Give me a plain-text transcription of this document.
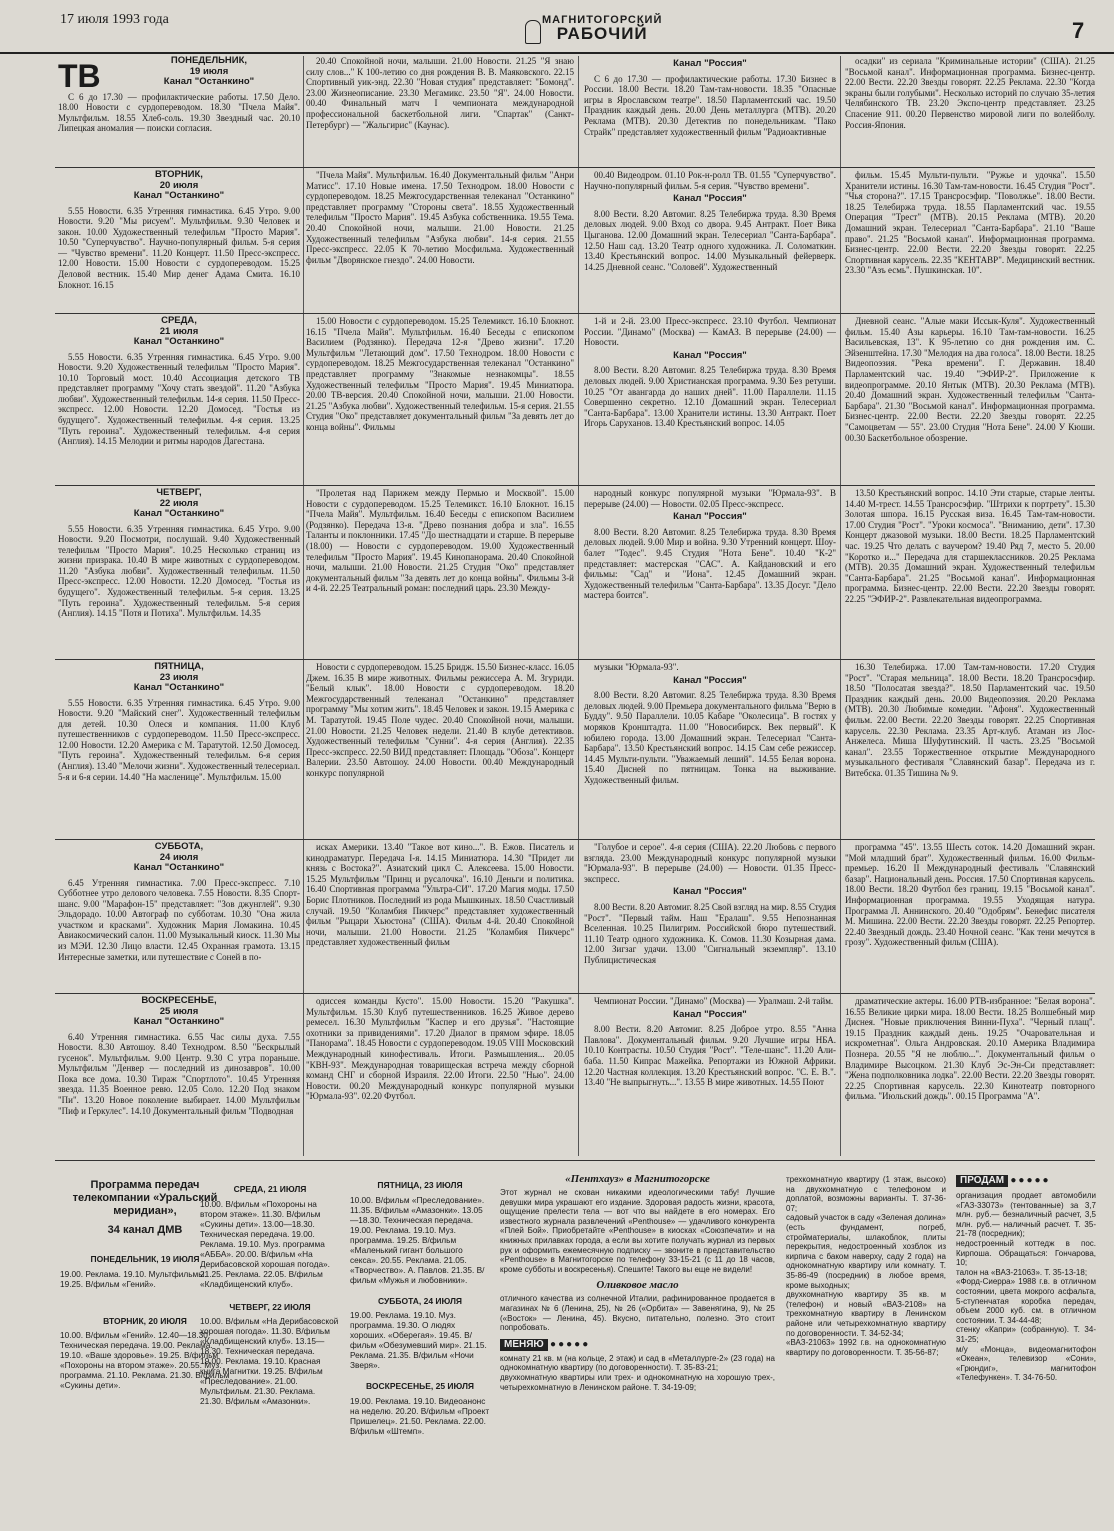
17 июля 1993 года	МАГНИТОГОРСКИЙ
РАБОЧИЙ	7
ТВ	ПОНЕДЕЛЬНИК,
19 июля
Канал "Останкино"
С 6 до 17.30 — профилактические работы. 17.50 Дело. 18.00 Новости с сурдопереводом. 18.30 "Пчела Майя". Мультфильм. 18.55 Хлеб-соль. 19.30 Звездный час. 20.10 Липецкая аномалия — поиски согласия.
20.40 Спокойной ночи, малыши. 21.00 Новости. 21.25 "Я знаю силу слов..." К 100-летию со дня рождения В. В. Маяковского. 22.15 Спортивный уик-энд. 22.30 "Новая студия" представляет: "Бомонд". 23.00 Жизнеописание. 23.30 Мегамикс. 23.50 "Я". 24.00 Новости. 00.40 Финальный матч I чемпионата международной профессиональной баскетбольной лиги. "Спартак" (Санкт-Петербург) — "Жальгирис" (Каунас).
Канал "Россия"
С 6 до 17.30 — профилактические работы. 17.30 Бизнес в России. 18.00 Вести. 18.20 Там-там-новости. 18.35 "Опасные игры в Ярославском театре". 18.50 Парламентский час. 19.50 Праздник каждый день. 20.00 День металлурга (МТВ). 20.20 Реклама (МТВ). 20.30 Детектив по понедельникам. "Пако Страйк" представляет художественный фильм "Радиоактивные
осадки" из сериала "Криминальные истории" (США). 21.25 "Восьмой канал". Информационная программа. Бизнес-центр. 22.00 Вести. 22.20 Звезды говорят. 22.25 Реклама. 22.30 "Когда экраны были голубыми". Несколько историй по случаю 35-летия Челябинского ТВ. 23.20 Экспо-центр представляет. 23.25 Спасение 911. 00.20 Первенство мировой лиги по волейболу. Россия-Япония.
ВТОРНИК,
20 июля
Канал "Останкино"
5.55 Новости. 6.35 Утренняя гимнастика. 6.45 Утро. 9.00 Новости. 9.20 "Мы рисуем". Мультфильм. 9.30 Человек и закон. 10.00 Художественный телефильм "Просто Мария". 10.50 "Суперчувство". Научно-популярный фильм. 5-я серия — "Чувство времени". 11.20 Концерт. 11.50 Пресс-экспресс. 12.00 Новости. 15.00 Новости с сурдопереводом. 15.25 Деловой вестник. 15.40 Мир денег Адама Смита. 16.10 Блокнот. 16.15
"Пчела Майя". Мультфильм. 16.40 Документальный фильм "Анри Матисс". 17.10 Новые имена. 17.50 Технодром. 18.00 Новости с сурдопереводом. 18.25 Межгосударственная телеканал "Останкино" представляет программу "Стороны света". 18.55 Художественный телефильм "Просто Мария". 19.45 Азбука собственника. 19.55 Тема. 20.40 Спокойной ночи, малыши. 21.00 Новости. 21.25 Художественный телефильм "Азбука любви". 14-я серия. 21.55 Пресс-экспресс. 22.05 К 70-летию Мосфильма. Художественный фильм "Дворянское гнездо". 24.00 Новости.
00.40 Видеодром. 01.10 Рок-н-ролл ТВ. 01.55 "Суперчувство". Научно-популярный фильм. 5-я серия. "Чувство времени".
Канал "Россия"
8.00 Вести. 8.20 Автомиг. 8.25 Телебиржа труда. 8.30 Время деловых людей. 9.00 Вход со двора. 9.45 Антракт. Поет Вика Цыганова. 12.00 Домашний экран. Телесериал "Санта-Барбара". 12.50 Наш сад. 13.20 Театр одного художника. Л. Соломаткин. 13.40 Крестьянский вопрос. 14.00 Музыкальный фейерверк. 14.25 Дневной сеанс. "Соловей". Художественный
фильм. 15.45 Мульти-пульти. "Ружье и удочка". 15.50 Хранители истины. 16.30 Там-там-новости. 16.45 Студия "Рост". "Чья сторона?". 17.15 Трансросэфир. "Поволжье". 18.00 Вести. 18.25 Телебиржа труда. 18.55 Парламентский час. 19.55 Операция "Трест" (МТВ). 20.15 Реклама (МТВ). 20.20 Домашний экран. Телесериал "Санта-Барбара". 21.10 "Ваше право". 21.25 "Восьмой канал". Информационная программа. Бизнес-центр. 22.00 Вести. 22.20 Звезды говорят. 22.25 Спортивная карусель. 22.35 "КЕНТАВР". Медицинский вестник. 23.30 "Азъ есмь". Пушкинская. 10".
СРЕДА,
21 июля
Канал "Останкино"
5.55 Новости. 6.35 Утренняя гимнастика. 6.45 Утро. 9.00 Новости. 9.20 Художественный телефильм "Просто Мария". 10.10 Торговый мост. 10.40 Ассоциация детского ТВ представляет программу "Хочу стать звездой". 11.20 "Азбука любви". Художественный телефильм. 14-я серия. 11.50 Пресс-экспресс. 12.00 Новости. 12.20 Домосед. "Гостья из будущего". Художественный телефильм. 4-я серия. 13.25 "Путь героина". Художественный телефильм. 4-я серия (Англия). 14.15 Мелодии и ритмы народов Дагестана.
15.00 Новости с сурдопереводом. 15.25 Телемикст. 16.10 Блокнот. 16.15 "Пчела Майя". Мультфильм. 16.40 Беседы с епископом Василием (Родзянко). Передача 12-я "Древо жизни". 17.20 Мультфильм "Летающий дом". 17.50 Технодром. 18.00 Новости с сурдопереводом. 18.25 Межгосударственная телеканал "Останкино" представляет программу "Знакомые незнакомцы". 18.55 Художественный телефильм "Просто Мария". 19.45 Миниатюра. 20.00 ТВ-версия. 20.40 Спокойной ночи, малыши. 21.00 Новости. 21.25 "Азбука любви". Художественный телефильм. 15-я серия. 21.55 Студия "Око" представляет документальный фильм "За девять лет до конца войны". Фильмы
1-й и 2-й. 23.00 Пресс-экспресс. 23.10 Футбол. Чемпионат России. "Динамо" (Москва) — КамАЗ. В перерыве (24.00) — Новости.
Канал "Россия"
8.00 Вести. 8.20 Автомиг. 8.25 Телебиржа труда. 8.30 Время деловых людей. 9.00 Христианская программа. 9.30 Без ретуши. 10.25 "От авангарда до наших дней". 11.00 Параллели. 11.15 Совершенно секретно. 12.10 Домашний экран. Телесериал "Санта-Барбара". 13.00 Хранители истины. 13.30 Антракт. Поет Игорь Саруханов. 13.40 Крестьянский вопрос. 14.05
Дневной сеанс. "Алые маки Иссык-Куля". Художественный фильм. 15.40 Азы карьеры. 16.10 Там-там-новости. 16.25 Васильевская, 13". К 95-летию со дня рождения им. С. Эйзенштейна. 17.30 "Мелодия на два голоса". 18.00 Вести. 18.25 Видеопоэзия. "Река времени". Г. Державин. 18.40 Парламентский час. 19.40 "ЭФИР-2". Приложение к видеопрограмме. 20.10 Янтык (МТВ). 20.30 Реклама (МТВ). 20.40 Домашний экран. Художественный телефильм "Санта-Барбара". 21.30 "Восьмой канал". Информационная программа. Бизнес-центр. 22.00 Вести. 22.20 Звезды говорят. 22.25 "Самоцветам — 55". 23.00 Студия "Нота Бене". 24.00 У Кюши. 00.30 Баскетбольное обозрение.
ЧЕТВЕРГ,
22 июля
Канал "Останкино"
5.55 Новости. 6.35 Утренняя гимнастика. 6.45 Утро. 9.00 Новости. 9.20 Посмотри, послушай. 9.40 Художественный телефильм "Просто Мария". 10.25 Несколько страниц из жизни призрака. 10.40 В мире животных с сурдопереводом. 11.20 "Азбука любви". Художественный телефильм. 11.50 Пресс-экспресс. 12.00 Новости. 12.20 Домосед. "Гостья из будущего". Художественный телефильм. 5-я серия. 13.25 "Путь героина". Художественный телефильм. 5-я серия (Англия). 14.15 "Потя и Потиха". Мультфильм. 14.35
"Пролетая над Парижем между Пермью и Москвой". 15.00 Новости с сурдопереводом. 15.25 Телемикст. 16.10 Блокнот. 16.15 "Пчела Майя". Мультфильм. 16.40 Беседы с епископом Василием (Родзянко). Передача 13-я. "Древо познания добра и зла". 16.55 Таланты и поклонники. 17.45 "До шестнадцати и старше. В перерыве (18.00) — Новости с сурдопереводом. 19.00 Художественный телефильм "Просто Мария". 19.45 Кинопанорама. 20.40 Спокойной ночи, малыши. 21.00 Новости. 21.25 Студия "Око" представляет документальный фильм "За девять лет до конца войны". Фильмы 3-й и 4-й. 22.25 Театральный роман: последний царь. 23.30 Между-
народный конкурс популярной музыки "Юрмала-93". В перерыве (24.00) — Новости. 02.05 Пресс-экспресс.
Канал "Россия"
8.00 Вести. 8.20 Автомиг. 8.25 Телебиржа труда. 8.30 Время деловых людей. 9.00 Мир и война. 9.30 Утренний концерт. Шоу-балет "Тодес". 9.45 Студия "Нота Бене". 10.40 "К-2" представляет: мастерская "САС". А. Кайдановский и его фильмы: "Сад" и "Иона". 12.45 Домашний экран. Художественный телефильм "Санта-Барбара". 13.35 Досуг. "Дело мастера боится".
13.50 Крестьянский вопрос. 14.10 Эти старые, старые ленты. 14.40 М-трест. 14.55 Трансросэфир. "Штрихи к портрету". 15.30 Золотая шпора. 16.15 Русская виза. 16.45 Там-там-новости. 17.00 Студия "Рост". "Уроки космоса". "Вниманию, дети". 17.30 Концерт джазовой музыки. 18.00 Вести. 18.25 Парламентский час. 19.25 Что делать с ваучером? 19.40 Ряд 7, место 5. 20.00 "Коротко и..." Передача для старшеклассников. 20.25 Реклама (МТВ). 20.35 Домашний экран. Художественный телефильм "Санта-Барбара". 21.25 "Восьмой канал". Информационная программа. Бизнес-центр. 22.00 Вести. 22.20 Звезды говорят. 22.25 "ЭФИР-2". Развлекательная видеопрограмма.
ПЯТНИЦА,
23 июля
Канал "Останкино"
5.55 Новости. 6.35 Утренняя гимнастика. 6.45 Утро. 9.00 Новости. 9.20 "Майский снег". Художественный телефильм для детей. 10.30 Олеся и компания. 11.00 Клуб путешественников с сурдопереводом. 11.50 Пресс-экспресс. 12.00 Новости. 12.20 Америка с М. Таратутой. 12.50 Домосед. "Путь героина". Художественный телефильм. 6-я серия (Англия). 13.40 "Мелочи жизни". Художественный телесериал. 5-я и 6-я серии. 14.40 "На масленице". Мультфильм. 15.00
Новости с сурдопереводом. 15.25 Бридж. 15.50 Бизнес-класс. 16.05 Джем. 16.35 В мире животных. Фильмы режиссера А. М. Згуриди. "Белый клык". 18.00 Новости с сурдопереводом. 18.20 Межгосударственный телеканал "Останкино" представляет программу "Мы хотим жить". 18.45 Человек и закон. 19.15 Америка с М. Таратутой. 19.45 Поле чудес. 20.40 Спокойной ночи, малыши. 21.00 Новости. 21.25 Человек недели. 21.40 В клубе детективов. Художественный телефильм "Сунни". 4-я серия (Англия). 22.35 Пресс-экспресс. 22.50 ВИД представляет: Площадь "Обоза". Концерт Валерии. 23.50 Автошоу. 24.00 Новости. 00.40 Международный конкурс популярной
музыки "Юрмала-93".
Канал "Россия"
8.00 Вести. 8.20 Автомиг. 8.25 Телебиржа труда. 8.30 Время деловых людей. 9.00 Премьера документального фильма "Верю в Будду". 9.50 Параллели. 10.05 Кабаре "Околесица". В гостях у моряков Кронштадта. 11.00 "Новосибирск. Век первый". К юбилею города. 13.00 Домашний экран. Телесериал "Санта-Барбара". 13.50 Крестьянский вопрос. 14.15 Сам себе режиссер. 14.45 Мульти-пульти. "Уважаемый леший". 14.55 Белая ворона. 15.40 Дисней по пятницам. Тонка на выживание. Художественный фильм.
16.30 Телебиржа. 17.00 Там-там-новости. 17.20 Студия "Рост". "Старая мельница". 18.00 Вести. 18.20 Трансросэфир. 18.50 "Полосатая звезда?". 18.50 Парламентский час. 19.50 Праздник каждый день. 20.00 Видеопоэзия. 20.20 Реклама (МТВ). 20.30 Любимые комедии. "Афоня". Художественный фильм. 22.00 Вести. 22.20 Звезды говорят. 22.25 Спортивная карусель. 22.30 Реклама. 23.35 Арт-клуб. Атаман из Лос-Анжелеса. Миша Шуфутинский. II часть. 23.25 "Восьмой канал". 23.55 Торжественное открытие Международного музыкального фестиваля "Славянский базар". Передача из г. Витебска. 01.35 Тишина № 9.
СУББОТА,
24 июля
Канал "Останкино"
6.45 Утренняя гимнастика. 7.00 Пресс-экспресс. 7.10 Субботнее утро делового человека. 7.55 Новости. 8.35 Спорт-шанс. 9.00 "Марафон-15" представляет: "Зов джунглей". 9.30 Эльдорадо. 10.00 Автограф по субботам. 10.30 "Она жила участком и красками". Художник Мария Ломакина. 10.45 Авиакосмический салон. 11.00 Музыкальный киоск. 11.30 Мы из МЭИ. 12.30 Лицо власти. 12.45 Охранная грамота. 13.15 Интересные заметки, или путешествие с Соней в по-
исках Америки. 13.40 "Такое вот кино...". В. Ежов. Писатель и кинодраматург. Передача I-я. 14.15 Миниатюра. 14.30 "Придет ли князь с Востока?". Азиатский цикл С. Алексеева. 15.00 Новости. 15.25 Мультфильм "Принц и русалочка". 16.10 Деньги и политика. 16.40 Спортивная программа "Ультра-СИ". 17.20 Магия моды. 17.50 Борис Плотников. Последний из рода Мышкиных. 18.50 Счастливый случай. 19.50 "Коламбия Пикчерс" представляет художественный фильм "Рыцари Хьюстона" (США). Фильм 4-й. 20.40 Спокойной ночи, малыши. 21.00 Новости. 21.25 "Коламбия Пикчерс" представляет художественный фильм
"Голубое и серое". 4-я серия (США). 22.20 Любовь с первого взгляда. 23.00 Международный конкурс популярной музыки "Юрмала-93". В перерыве (24.00) — Новости. 01.35 Пресс-экспресс.
Канал "Россия"
8.00 Вести. 8.20 Автомиг. 8.25 Свой взгляд на мир. 8.55 Студия "Рост". "Первый тайм. Наш "Ералаш". 9.55 Непознанная Вселенная. 10.25 Пилигрим. Российской бюро путешествий. 11.10 Театр одного художника. К. Сомов. 11.30 Козырная дама. 12.00 Зигзаг удачи. 13.00 "Сигнальный экземпляр". 13.10 Публицистическая
программа "45". 13.55 Шесть соток. 14.20 Домашний экран. "Мой младший брат". Художественный фильм. 16.00 Фильм-премьер. 16.20 II Международный фестиваль "Славянский базар". Национальный день. Россия. 17.50 Спортивная карусель. 18.00 Вести. 18.20 Футбол без границ. 19.15 "Восьмой канал". Информационная программа. 19.55 Уходящая натура. Программа Л. Аннинского. 20.40 "Одобрям". Бенефис писателя М. Мишина. 22.00 Вести. 22.20 Звезды говорят. 22.25 Репортер. 22.40 Звездный дождь. 23.40 Ночной сеанс. "Как тени мечутся в грозу". Художественный фильм (США).
ВОСКРЕСЕНЬЕ,
25 июля
Канал "Останкино"
6.40 Утренняя гимнастика. 6.55 Час силы духа. 7.55 Новости. 8.30 Автошоу. 8.40 Технодром. 8.50 "Бескрылый гусенок". Мультфильм. 9.00 Центр. 9.30 С утра пораньше. Мультфильм "Денвер — последний из динозавров". 10.00 Пока все дома. 10.30 Тираж "Спортлото". 10.45 Утренняя звезда. 11.35 Военное ревю. 12.05 Соло. 12.20 Под знаком "Пи". 13.20 Новое поколение выбирает. 14.00 Мультфильм "Пиф и Геркулес". 14.10 Документальный фильм "Подводная
одиссея команды Кусто". 15.00 Новости. 15.20 "Ракушка". Мультфильм. 15.30 Клуб путешественников. 16.25 Живое дерево ремесел. 16.30 Мультфильм "Каспер и его друзья". "Настоящие охотники за привидениями". 17.20 Диалог в прямом эфире. 18.05 "Панорама". 18.45 Новости с сурдопереводом. 19.05 VIII Московский Международный кинофестиваль. Итоги. Размышления... 20.05 "КВН-93". Международная товарищеская встреча между сборной команд СНГ и сборной Израиля. 22.00 Итоги. 22.50 "Нью". 24.00 Новости. 00.20 Международный конкурс популярной музыки "Юрмала-93". 02.20 Футбол.
Чемпионат России. "Динамо" (Москва) — Уралмаш. 2-й тайм.
Канал "Россия"
8.00 Вести. 8.20 Автомиг. 8.25 Доброе утро. 8.55 "Анна Павлова". Документальный фильм. 9.20 Лучшие игры НБА. 10.10 Контрасты. 10.50 Студия "Рост". "Теле-шанс". 11.20 Али-баба. 11.50 Кипрас Мажейка. Репортажи из Южной Африки. 12.20 Частная коллекция. 13.20 Крестьянский вопрос. "С. Е. В.". 13.40 "Не выпрыгнуть...". 13.55 В мире животных. 14.55 Поют
драматические актеры. 16.00 РТВ-избранное: "Белая ворона". 16.55 Великие цирки мира. 18.00 Вести. 18.25 Волшебный мир Диснея. "Новые приключения Винни-Пуха". "Черный плащ". 19.15 Праздник каждый день. 19.25 "Очаровательная и искрометная". Ольга Андровская. 20.10 Америка Владимира Познера. 20.55 "Я не люблю...". Документальный фильм о Владимире Высоцком. 21.30 Клуб Эс-Эн-Си представляет: "Жена подполковника лодка". 22.00 Вести. 22.20 Звезды говорят. 22.25 Спортивная карусель. 22.30 Кинотеатр повторного фильма. "Июльский дождь". 00.15 Программа "А".
Программа передач телекомпании «Уральский меридиан»,
34 канал ДМВ
ПОНЕДЕЛЬНИК, 19 ИЮЛЯ
19.00. Реклама. 19.10. Мультфильмы. 19.25. В/фильм «Гений».
ВТОРНИК, 20 ИЮЛЯ
10.00. В/фильм «Гений». 12.40—18.30. Техническая передача. 19.00. Реклама. 19.10. «Ваше здоровье». 19.25. В/фильм «Похороны на втором этаже». 20.55. Муз. программа. 21.10. Реклама. 21.30. В/фильм «Сукины дети».
СРЕДА, 21 ИЮЛЯ
10.00. В/фильм «Похороны на втором этаже». 11.30. В/фильм «Сукины дети». 13.00—18.30. Техническая передача. 19.00. Реклама. 19.10. Муз. программа «АББА». 20.00. В/фильм «На Дерибасовской хорошая погода». 21.25. Реклама. 22.05. В/фильм «Кладбищенский клуб».
ЧЕТВЕРГ, 22 ИЮЛЯ
10.00. В/фильм «На Дерибасовской хорошая погода». 11.30. В/фильм «Кладбищенский клуб». 13.15—18.30. Техническая передача. 19.00. Реклама. 19.10. Красная книга Магнитки. 19.25. В/фильм «Преследование». 21.00. Мультфильм. 21.30. Реклама. 21.30. В/фильм «Амазонки».
ПЯТНИЦА, 23 ИЮЛЯ
10.00. В/фильм «Преследование». 11.35. В/фильм «Амазонки». 13.05—18.30. Техническая передача. 19.00. Реклама. 19.10. Муз. программа. 19.25. В/фильм «Маленький гигант большого секса». 20.55. Реклама. 21.05. «Творчество». А. Павлов. 21.35. В/фильм «Мужья и любовники».
СУББОТА, 24 ИЮЛЯ
19.00. Реклама. 19.10. Муз. программа. 19.30. О людях хороших. «Оберегая». 19.45. В/фильм «Обезумевший мир». 21.15. Реклама. 21.35. В/фильм «Ночи Зверя».
ВОСКРЕСЕНЬЕ, 25 ИЮЛЯ
19.00. Реклама. 19.10. Видеоанонс на неделю. 20.20. В/фильм «Проект Пришелец». 21.50. Реклама. 22.00. В/фильм «Штемп».
«Пентхауз» в Магнитогорске
Этот журнал не скован никакими идеологическими табу! Лучшие девушки мира украшают его издание. Здоровая радость жизни, красота, ощущение прелести тела — вот что вы найдете в его номерах. Его известного журнала развлечений «Penthouse» — удачливого конкурента «Плей Бой». Приобретайте «Penthouse» в киосках «Союзпечати» и на книжных прилавках города, а если вы хотите получать журнал из первых рук и оформить ежемесячную подписку — звоните в представительство «Penthouse» в Магнитогорске по телефону 33-15-21 (с 11 до 18 часов, кроме субботы и воскресенья). Спешите! Такого вы еще не видели!
Оливковое масло
отличного качества из солнечной Италии, рафинированное продается в магазинах № 6 (Ленина, 25), № 26 («Орбита» — Завенягина, 9), № 25 («Восток» — Ленина, 45). Вкусно, питательно, полезно. Это стоит попробовать.
МЕНЯЮ ●●●●●
комнату 21 кв. м (на кольце, 2 этаж) и сад в «Металлурге-2» (23 года) на однокомнатную квартиру (по договоренности). Т. 35-83-21;
двухкомнатную квартиры или трех- и однокомнатную на хорошую трех-, четырехкомнатную в Ленинском районе. Т. 34-19-09;
трехкомнатную квартиру (1 этаж, высоко) на двухкомнатную с телефоном и доплатой, возможны варианты. Т. 37-36-07;
садовый участок в саду «Зеленая долина» (есть фундамент, погреб, стройматериалы, шлакоблок, плиты перекрытия, недостроенный хозблок из кирпича с баком наверху, саду 2 года) на однокомнатную квартиру или комнату. Т. 35-86-49 (посредник) в любое время, кроме выходных;
двухкомнатную квартиру 35 кв. м (телефон) и новый «ВАЗ-2108» на трехкомнатную квартиру в Ленинском районе или четырехкомнатную квартиру по договоренности. Т. 34-52-34;
«ВАЗ-21063» 1992 г.в. на однокомнатную квартиру по договоренности. Т. 35-56-87;
ПРОДАМ ●●●●●
организация продает автомобили «ГАЗ-33073» (тентованные) за 3,7 млн. руб.— безналичный расчет, 3,5 млн. руб.— наличный расчет. Т. 35-21-78 (посредник);
недостроенный коттедж в пос. Кирпоша. Обращаться: Гончарова, 10;
талон на «ВАЗ-21063». Т. 35-13-18;
«Форд-Сиерра» 1988 г.в. в отличном состоянии, цвета мокрого асфальта, 5-ступенчатая коробка передач, объем 2000 куб. см. в отличном состоянии. Т. 34-44-48;
стенку «Капри» (собранную). Т. 34-31-25;
м/у «Монца», видеомагнитофон «Океан», телевизор «Сони», «Грюндиг», магнитофон «Телефункен». Т. 34-76-50.
